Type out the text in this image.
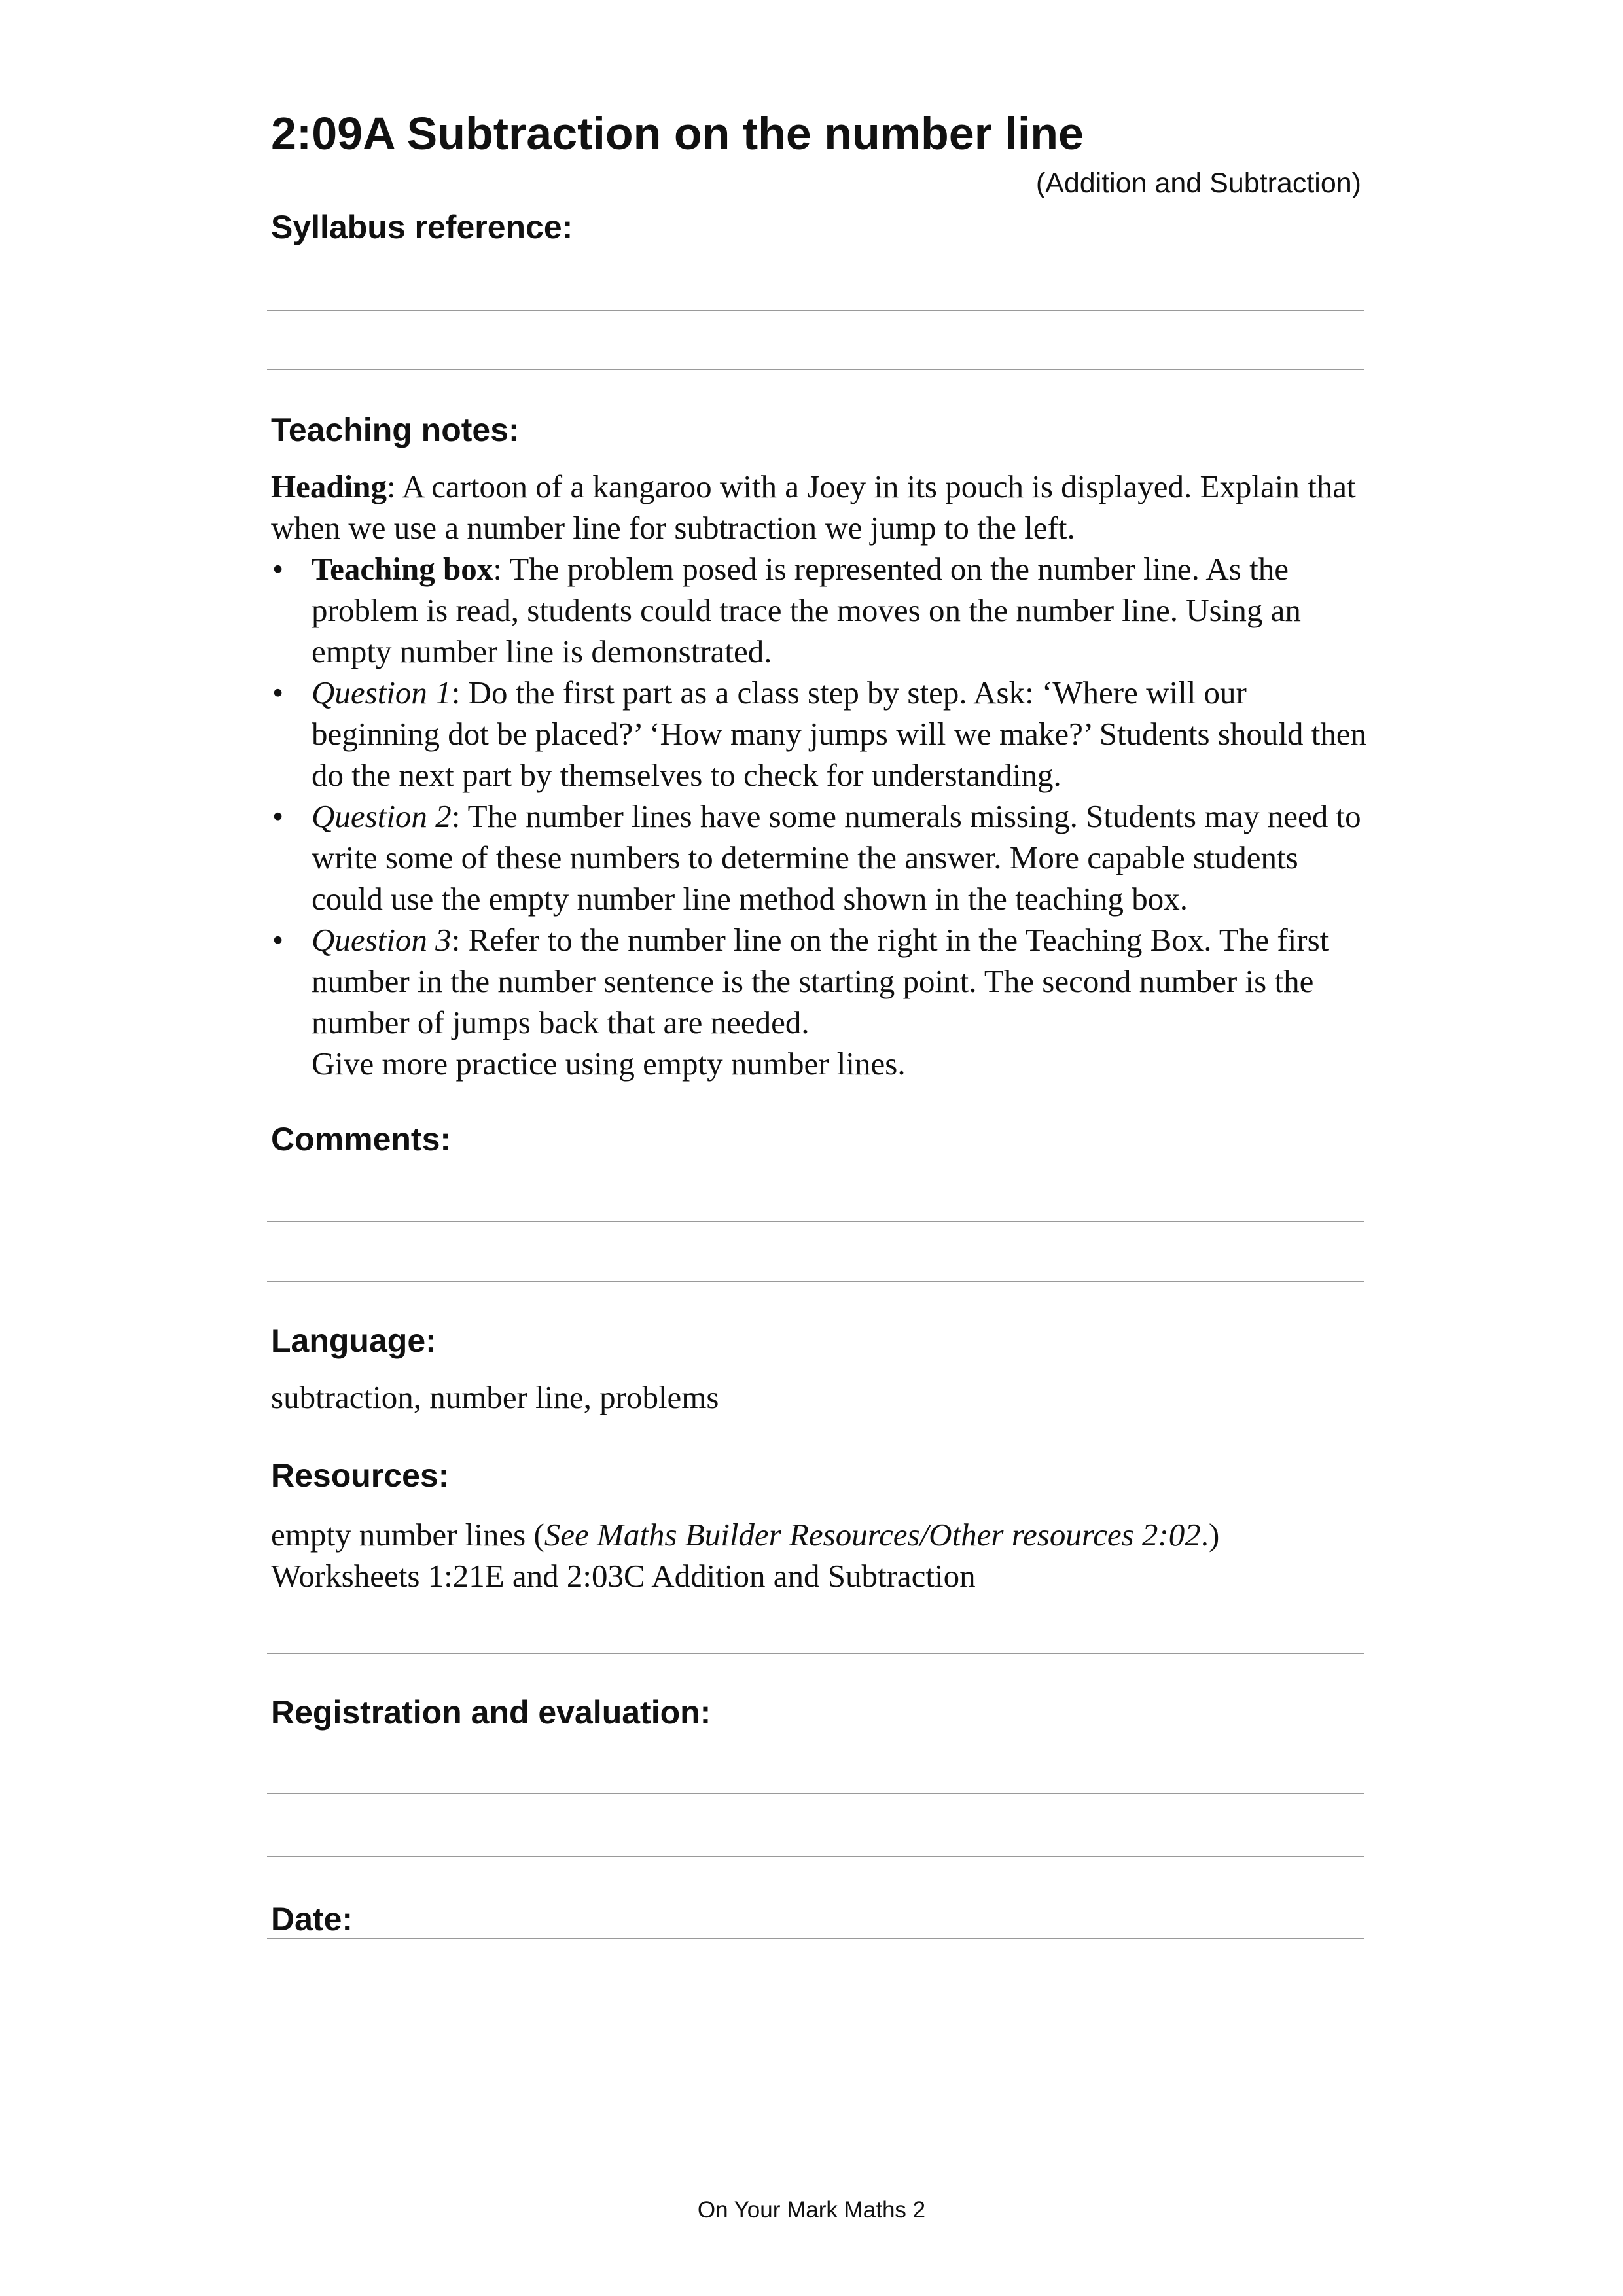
2:09A Subtraction on the number line
(Addition and Subtraction)
Syllabus reference:
Teaching notes:
Heading: A cartoon of a kangaroo with a Joey in its pouch is displayed. Explain that when we use a number line for subtraction we jump to the left.
• Teaching box: The problem posed is represented on the number line. As the problem is read, students could trace the moves on the number line. Using an empty number line is demonstrated.
• Question 1: Do the first part as a class step by step. Ask: ‘Where will our beginning dot be placed?’ ‘How many jumps will we make?’ Students should then do the next part by themselves to check for understanding.
• Question 2: The number lines have some numerals missing. Students may need to write some of these numbers to determine the answer. More capable students could use the empty number line method shown in the teaching box.
• Question 3: Refer to the number line on the right in the Teaching Box. The first number in the number sentence is the starting point. The second number is the number of jumps back that are needed.
Give more practice using empty number lines.
Comments:
Language:
subtraction, number line, problems
Resources:
empty number lines (See Maths Builder Resources/Other resources 2:02.)
Worksheets 1:21E and 2:03C Addition and Subtraction
Registration and evaluation:
Date:
On Your Mark Maths 2
